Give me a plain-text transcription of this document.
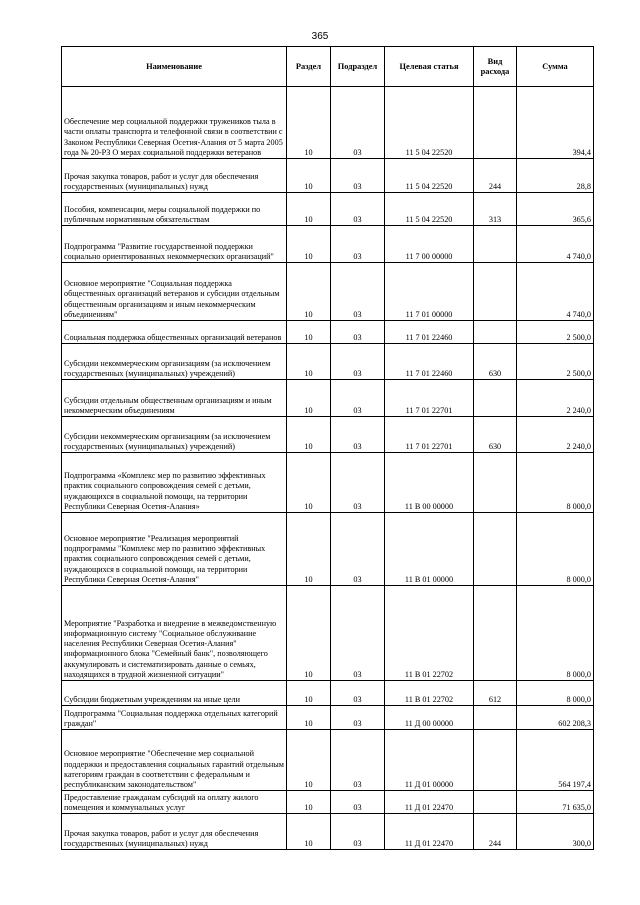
365
Наименование	Раздел	Подраздел	Целевая статья	Вид расхода	Сумма

Обеспечение мер социальной поддержки тружеников тыла в части оплаты транспорта и телефонной связи в соответствии с Законом Республики Северная Осетия-Алания от 5 марта 2005 года № 20-РЗ О мерах социальной поддержки ветеранов	10	03	11 5 04 22520		394,4

Прочая закупка товаров, работ и услуг для обеспечения государственных (муниципальных) нужд	10	03	11 5 04 22520	244	28,8

Пособия, компенсации, меры социальной поддержки по публичным нормативным обязательствам	10	03	11 5 04 22520	313	365,6

Подпрограмма "Развитие государственной поддержки социально ориентированных некоммерческих организаций"	10	03	11 7 00 00000		4 740,0

Основное мероприятие "Социальная поддержка общественных организаций ветеранов и субсидии отдельным общественным организациям и иным некоммерческим объединениям"	10	03	11 7 01 00000		4 740,0

Социальная поддержка общественных организаций ветеранов	10	03	11 7 01 22460		2 500,0

Субсидии некоммерческим организациям (за исключением государственных (муниципальных) учреждений)	10	03	11 7 01 22460	630	2 500,0

Субсидии отдельным общественным организациям и иным некоммерческим объединениям	10	03	11 7 01 22701		2 240,0

Субсидии некоммерческим организациям (за исключением государственных (муниципальных) учреждений)	10	03	11 7 01 22701	630	2 240,0

Подпрограмма «Комплекс мер по развитию эффективных практик социального сопровождения семей с детьми, нуждающихся в социальной помощи, на территории Республики Северная Осетия-Алания»	10	03	11 В 00 00000		8 000,0

Основное мероприятие "Реализация мероприятий подпрограммы "Комплекс мер по развитию эффективных практик социального сопровождения семей с детьми, нуждающихся в социальной помощи, на территории Республики Северная Осетия-Алания"	10	03	11 В 01 00000		8 000,0

Мероприятие "Разработка и внедрение в межведомственную информационную систему "Социальное обслуживание населения Республики Северная Осетия-Алания" информационного блока "Семейный банк", позволяющего аккумулировать и систематизировать данные о семьях, находящихся в трудной жизненной ситуации"	10	03	11 В 01 22702		8 000,0

Субсидии бюджетным учреждениям на иные цели	10	03	11 В 01 22702	612	8 000,0

Подпрограмма "Социальная поддержка отдельных категорий граждан"	10	03	11 Д 00 00000		602 208,3

Основное мероприятие "Обеспечение мер социальной поддержки и предоставления социальных гарантий отдельным категориям граждан в соответствии с федеральным и республиканским законодательством"	10	03	11 Д 01 00000		564 197,4

Предоставление гражданам субсидий на оплату жилого помещения и коммунальных услуг	10	03	11 Д 01 22470		71 635,0

Прочая закупка товаров, работ и услуг для обеспечения государственных (муниципальных) нужд	10	03	11 Д 01 22470	244	300,0
